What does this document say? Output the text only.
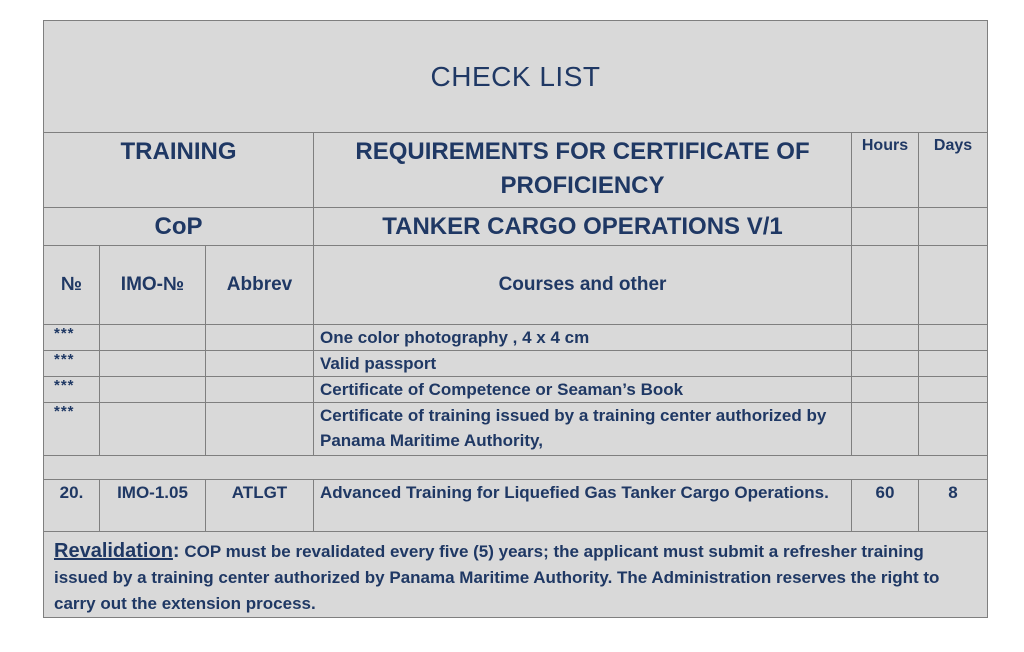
CHECK LIST					
TRAINING			REQUIREMENTS FOR CERTIFICATE OF PROFICIENCY	Hours	Days
CoP			TANKER CARGO OPERATIONS V/1		
№	IMO-№	Abbrev	Courses and other		
***			One color photography , 4 x 4 cm		
***			Valid passport		
***			Certificate of Competence or Seaman’s Book		
***			Certificate of training issued by a training center authorized by Panama Maritime Authority,		

20.	IMO-1.05	ATLGT	Advanced Training for Liquefied Gas Tanker Cargo Operations.	60	8
Revalidation: COP must be revalidated every five (5) years; the applicant must submit a refresher training issued by a training center authorized by Panama Maritime Authority. The Administration reserves the right to carry out the extension process.					
